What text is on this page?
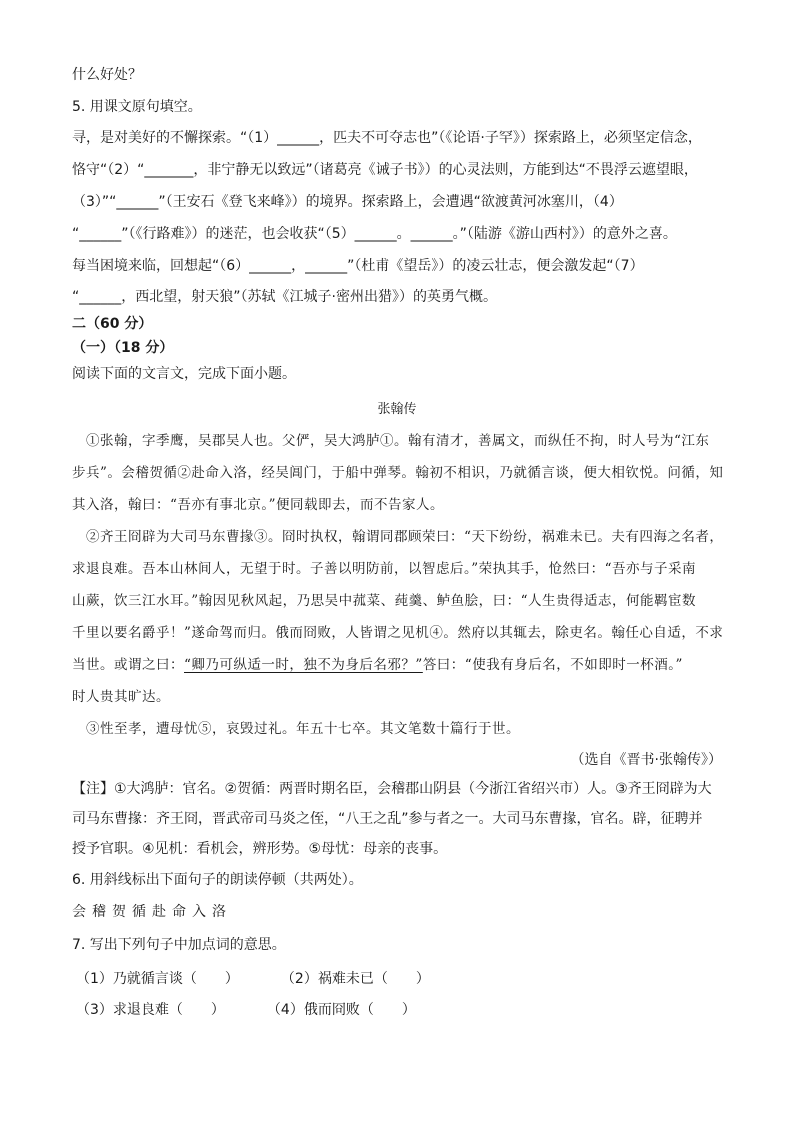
什么好处？
5. 用课文原句填空。
寻，是对美好的不懈探索。“（1）______，匹夫不可夺志也”（《论语·子罕》）探索路上，必须坚定信念，
恪守“（2）“_______，非宁静无以致远”（诸葛亮《诫子书》）的心灵法则，方能到达“不畏浮云遮望眼，
（3）”“______”（王安石《登飞来峰》）的境界。探索路上，会遭遇“欲渡黄河冰塞川，（4）
“______”（《行路难》）的迷茫，也会收获“（5）______。______。”（陆游《游山西村》）的意外之喜。
每当困境来临，回想起“（6）______，______”（杜甫《望岳》）的凌云壮志，便会激发起“（7）
“______，西北望，射天狼”（苏轼《江城子·密州出猎》）的英勇气概。
二（60 分）
（一）（18 分）
阅读下面的文言文，完成下面小题。
张翰传
①张翰，字季鹰，吴郡吴人也。父俨，吴大鸿胪①。翰有清才，善属文，而纵任不拘，时人号为“江东
步兵”。会稽贺循②赴命入洛，经吴阊门，于船中弹琴。翰初不相识，乃就循言谈，便大相钦悦。问循，知
其入洛，翰曰：“吾亦有事北京。”便同载即去，而不告家人。
②齐王冏辟为大司马东曹掾③。冏时执权，翰谓同郡顾荣曰：“天下纷纷，祸难未已。夫有四海之名者，
求退良难。吾本山林间人，无望于时。子善以明防前，以智虑后。”荣执其手，怆然曰：“吾亦与子采南
山蕨，饮三江水耳。”翰因见秋风起，乃思吴中菰菜、莼羹、鲈鱼脍，曰：“人生贵得适志，何能羁宦数
千里以要名爵乎！”遂命驾而归。俄而冏败，人皆谓之见机④。然府以其辄去，除吏名。翰任心自适，不求
当世。或谓之曰：“卿乃可纵适一时，独不为身后名邪？”答曰：“使我有身后名，不如即时一杯酒。”
时人贵其旷达。
③性至孝，遭母忧⑤，哀毁过礼。年五十七卒。其文笔数十篇行于世。
（选自《晋书·张翰传》）
【注】①大鸿胪：官名。②贺循：两晋时期名臣，会稽郡山阴县（今浙江省绍兴市）人。③齐王冏辟为大
司马东曹掾：齐王冏，晋武帝司马炎之侄，“八王之乱”参与者之一。大司马东曹掾，官名。辟，征聘并
授予官职。④见机：看机会，辨形势。⑤母忧：母亲的丧事。
6. 用斜线标出下面句子的朗读停顿（共两处）。
会稽贺循赴命入洛
7. 写出下列句子中加点词的意思。
（1）乃就循言谈（　　）	（2）祸难未已（　　）
（3）求退良难（　　）	（4）俄而冏败（　　）
